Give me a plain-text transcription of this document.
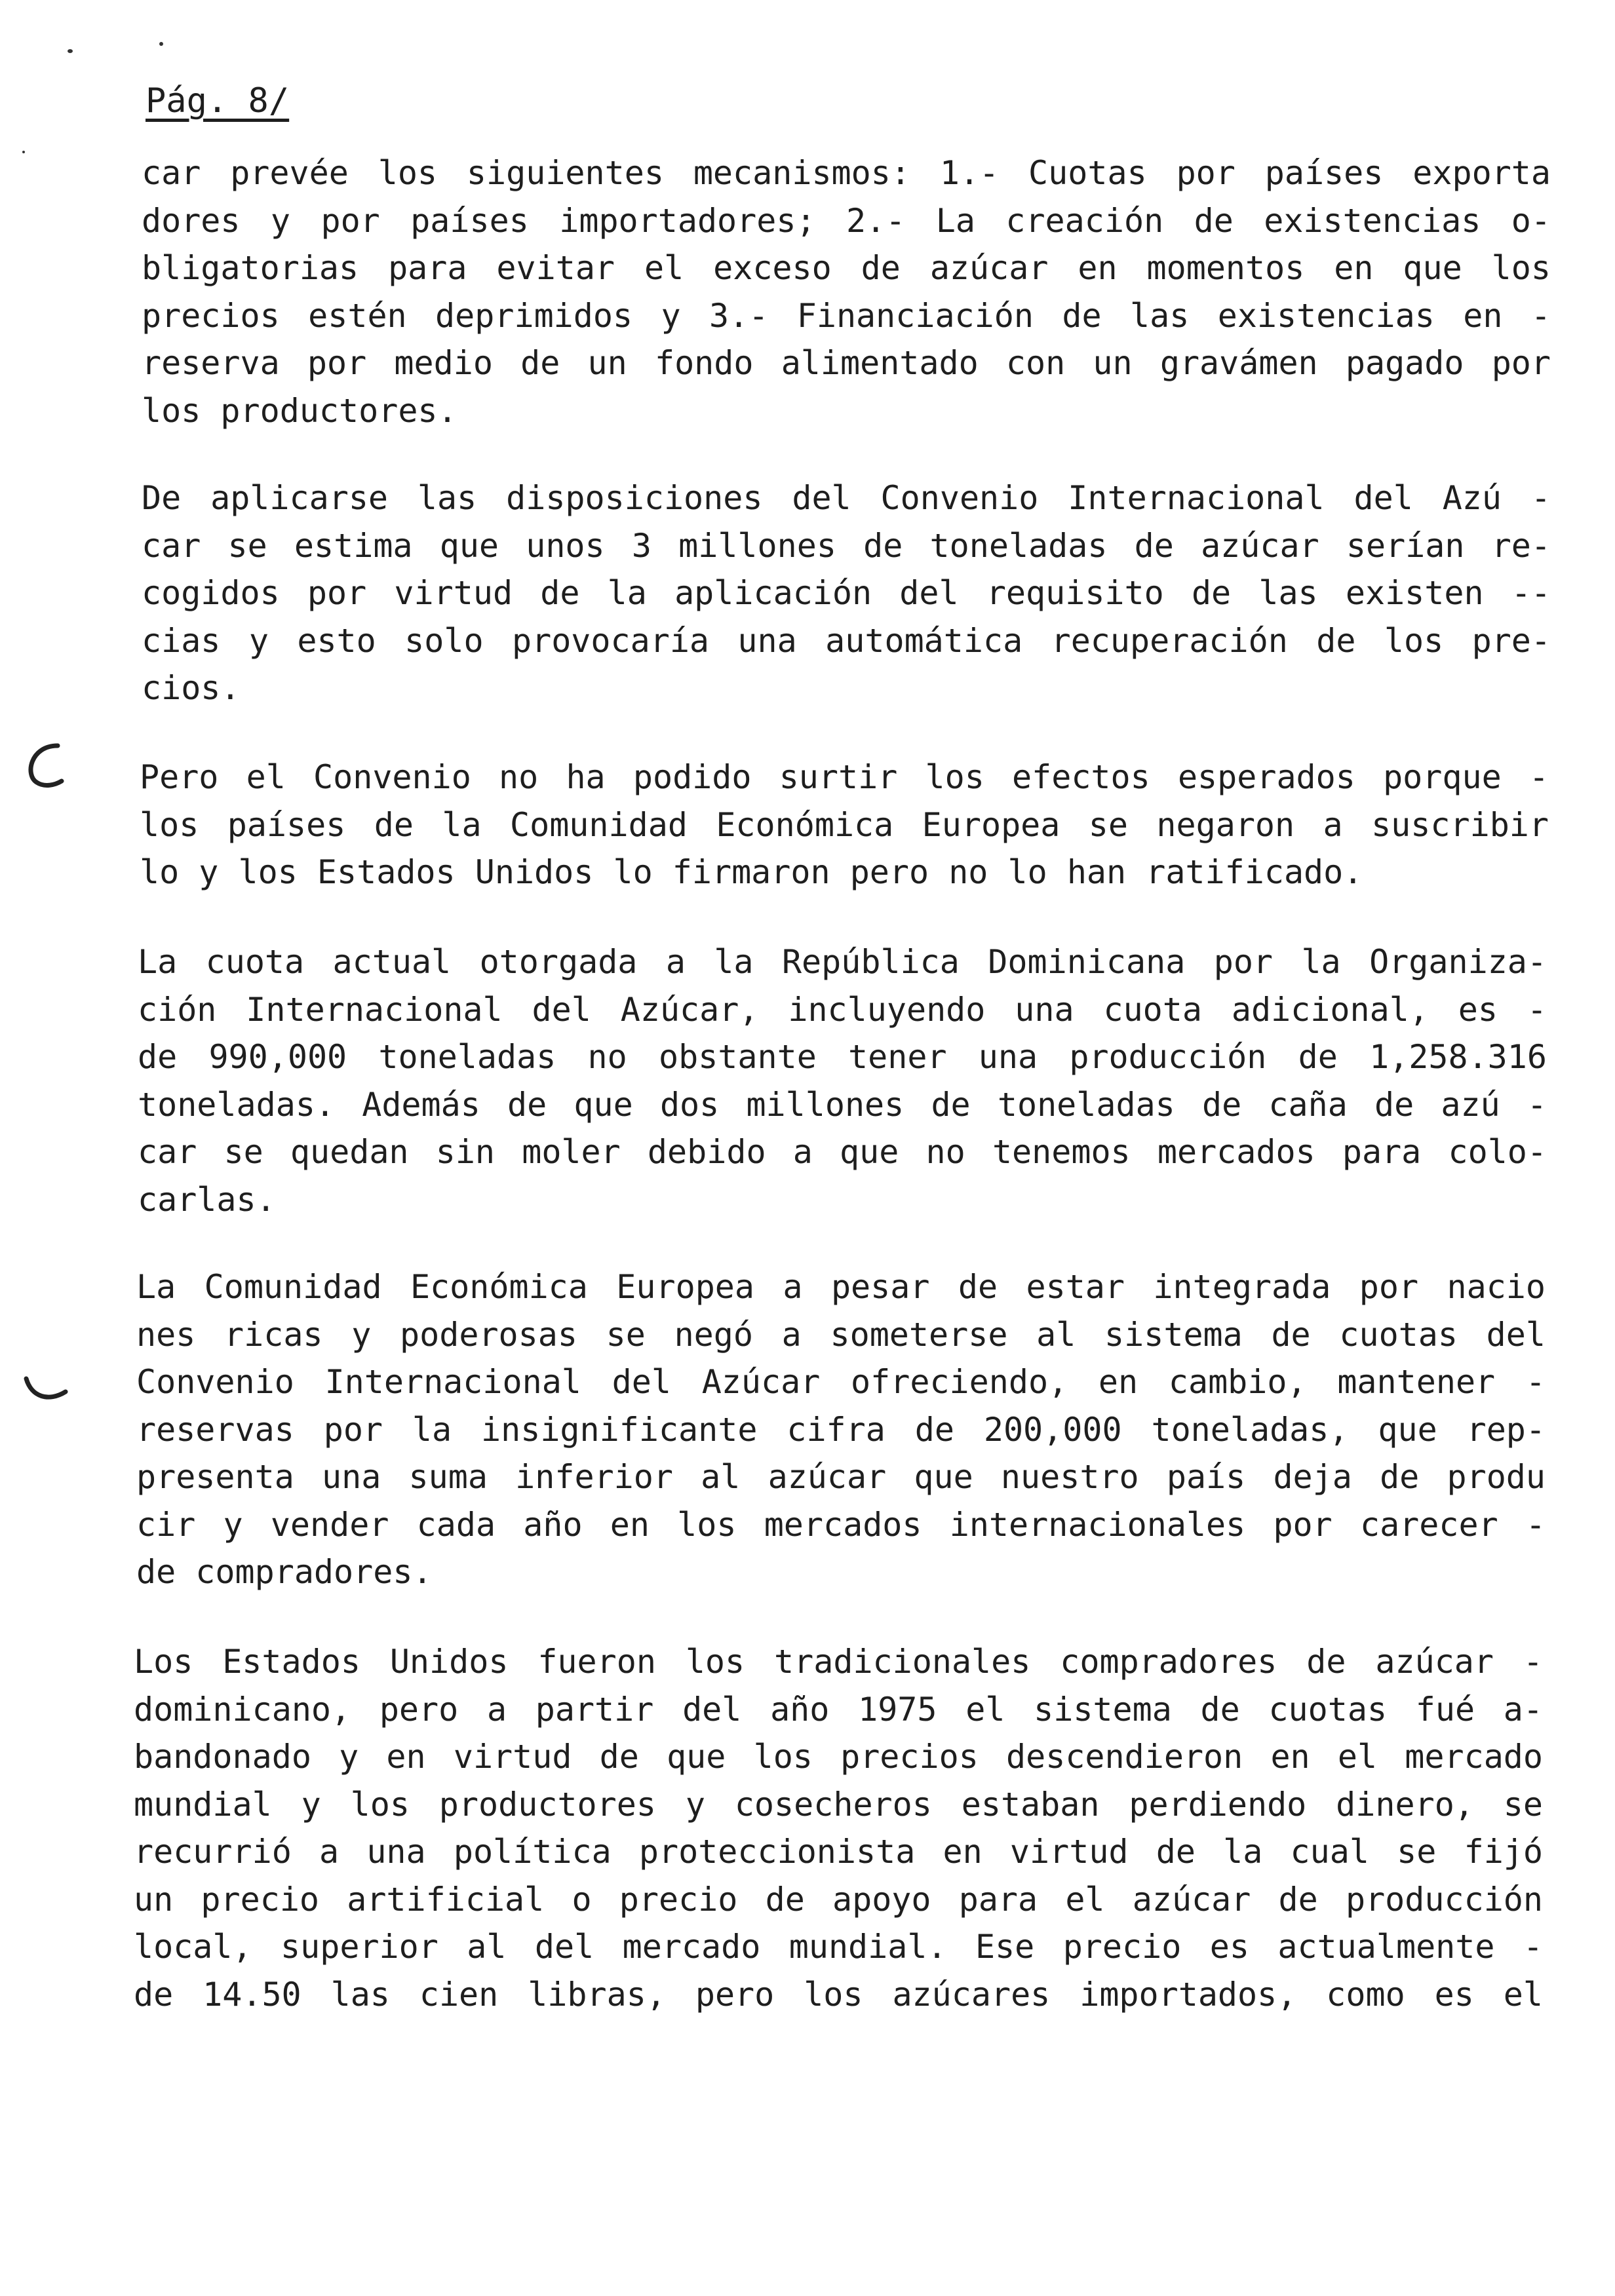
Pág. 8/
car prevée los siguientes mecanismos: 1.- Cuotas por países exporta
dores y por países importadores; 2.- La creación de existencias o-
bligatorias para evitar el exceso de azúcar en momentos en que los
precios estén deprimidos y 3.- Financiación de las existencias en -
reserva por medio de un fondo alimentado con un gravámen pagado por
los productores.
De aplicarse las disposiciones del Convenio Internacional del Azú -
car se estima que unos 3 millones de toneladas de azúcar serían re-
cogidos por virtud de la aplicación del requisito de las existen --
cias y esto solo provocaría una automática recuperación de los pre-
cios.
Pero el Convenio no ha podido surtir los efectos esperados porque -
los países de la Comunidad Económica Europea se negaron a suscribir
lo y los Estados Unidos lo firmaron pero no lo han ratificado.
La cuota actual otorgada a la República Dominicana por la Organiza-
ción Internacional del Azúcar, incluyendo una cuota adicional, es -
de 990,000 toneladas no obstante tener una producción de 1,258.316
toneladas. Además de que dos millones de toneladas de caña de azú -
car se quedan sin moler debido a que no tenemos mercados para colo-
carlas.
La Comunidad Económica Europea a pesar de estar integrada por nacio
nes ricas y poderosas se negó a someterse al sistema de cuotas del
Convenio Internacional del Azúcar ofreciendo, en cambio, mantener -
reservas por la insignificante cifra de 200,000 toneladas, que rep-
presenta una suma inferior al azúcar que nuestro país deja de produ
cir y vender cada año en los mercados internacionales por carecer -
de compradores.
Los Estados Unidos fueron los tradicionales compradores de azúcar -
dominicano, pero a partir del año 1975 el sistema de cuotas fué a-
bandonado y en virtud de que los precios descendieron en el mercado
mundial y los productores y cosecheros estaban perdiendo dinero, se
recurrió a una política proteccionista en virtud de la cual se fijó
un precio artificial o precio de apoyo para el azúcar de producción
local, superior al del mercado mundial. Ese precio es actualmente -
de 14.50 las cien libras, pero los azúcares importados, como es el
